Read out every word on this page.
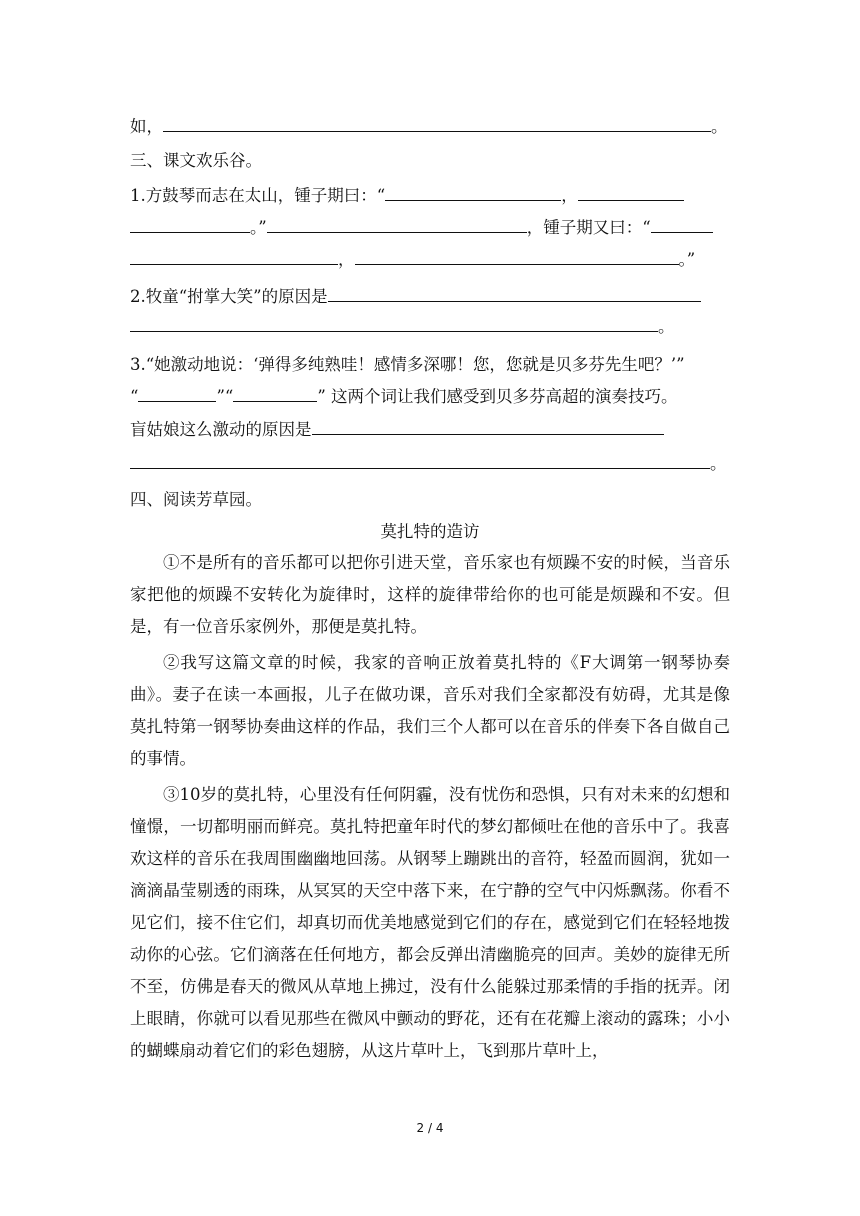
如，	。
三、课文欢乐谷。
1.方鼓琴而志在太山，锺子期曰：“	，
。”	，锺子期又曰：“
，	。”
2.牧童“拊掌大笑”的原因是
。
3.“她激动地说：‘弹得多纯熟哇！感情多深哪！您，您就是贝多芬先生吧？’”
“	”“	” 这两个词让我们感受到贝多芬高超的演奏技巧。
盲姑娘这么激动的原因是
。
四、阅读芳草园。
莫扎特的造访
①不是所有的音乐都可以把你引进天堂，音乐家也有烦躁不安的时候，当音乐家把他的烦躁不安转化为旋律时，这样的旋律带给你的也可能是烦躁和不安。但是，有一位音乐家例外，那便是莫扎特。
②我写这篇文章的时候，我家的音响正放着莫扎特的《F大调第一钢琴协奏曲》。妻子在读一本画报，儿子在做功课，音乐对我们全家都没有妨碍，尤其是像莫扎特第一钢琴协奏曲这样的作品，我们三个人都可以在音乐的伴奏下各自做自己的事情。
③10岁的莫扎特，心里没有任何阴霾，没有忧伤和恐惧，只有对未来的幻想和憧憬，一切都明丽而鲜亮。莫扎特把童年时代的梦幻都倾吐在他的音乐中了。我喜欢这样的音乐在我周围幽幽地回荡。从钢琴上蹦跳出的音符，轻盈而圆润，犹如一滴滴晶莹剔透的雨珠，从冥冥的天空中落下来，在宁静的空气中闪烁飘荡。你看不见它们，接不住它们，却真切而优美地感觉到它们的存在，感觉到它们在轻轻地拨动你的心弦。它们滴落在任何地方，都会反弹出清幽脆亮的回声。美妙的旋律无所不至，仿佛是春天的微风从草地上拂过，没有什么能躲过那柔情的手指的抚弄。闭上眼睛，你就可以看见那些在微风中颤动的野花，还有在花瓣上滚动的露珠；小小的蝴蝶扇动着它们的彩色翅膀，从这片草叶上，飞到那片草叶上，
2 / 4
